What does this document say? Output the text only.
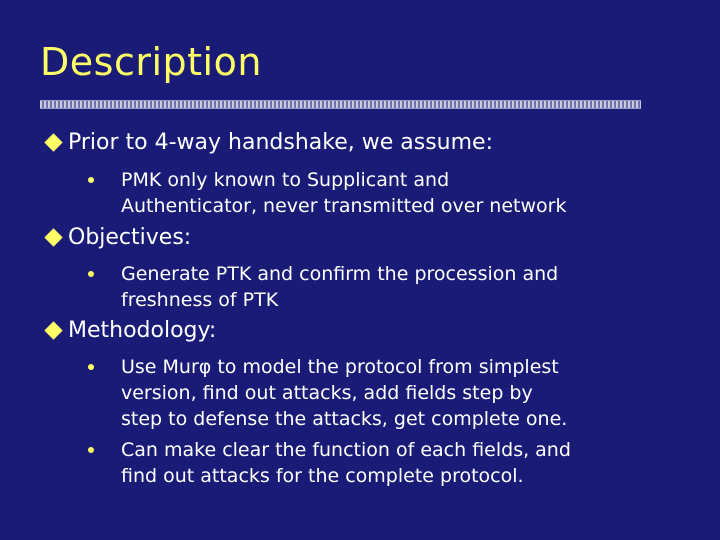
Description
Prior to 4-way handshake, we assume:
PMK only known to Supplicant and
Authenticator, never transmitted over network
Objectives:
Generate PTK and confirm the procession and
freshness of PTK
Methodology:
Use Murφ to model the protocol from simplest
version, find out attacks, add fields step by
step to defense the attacks, get complete one.
Can make clear the function of each fields, and
find out attacks for the complete protocol.
